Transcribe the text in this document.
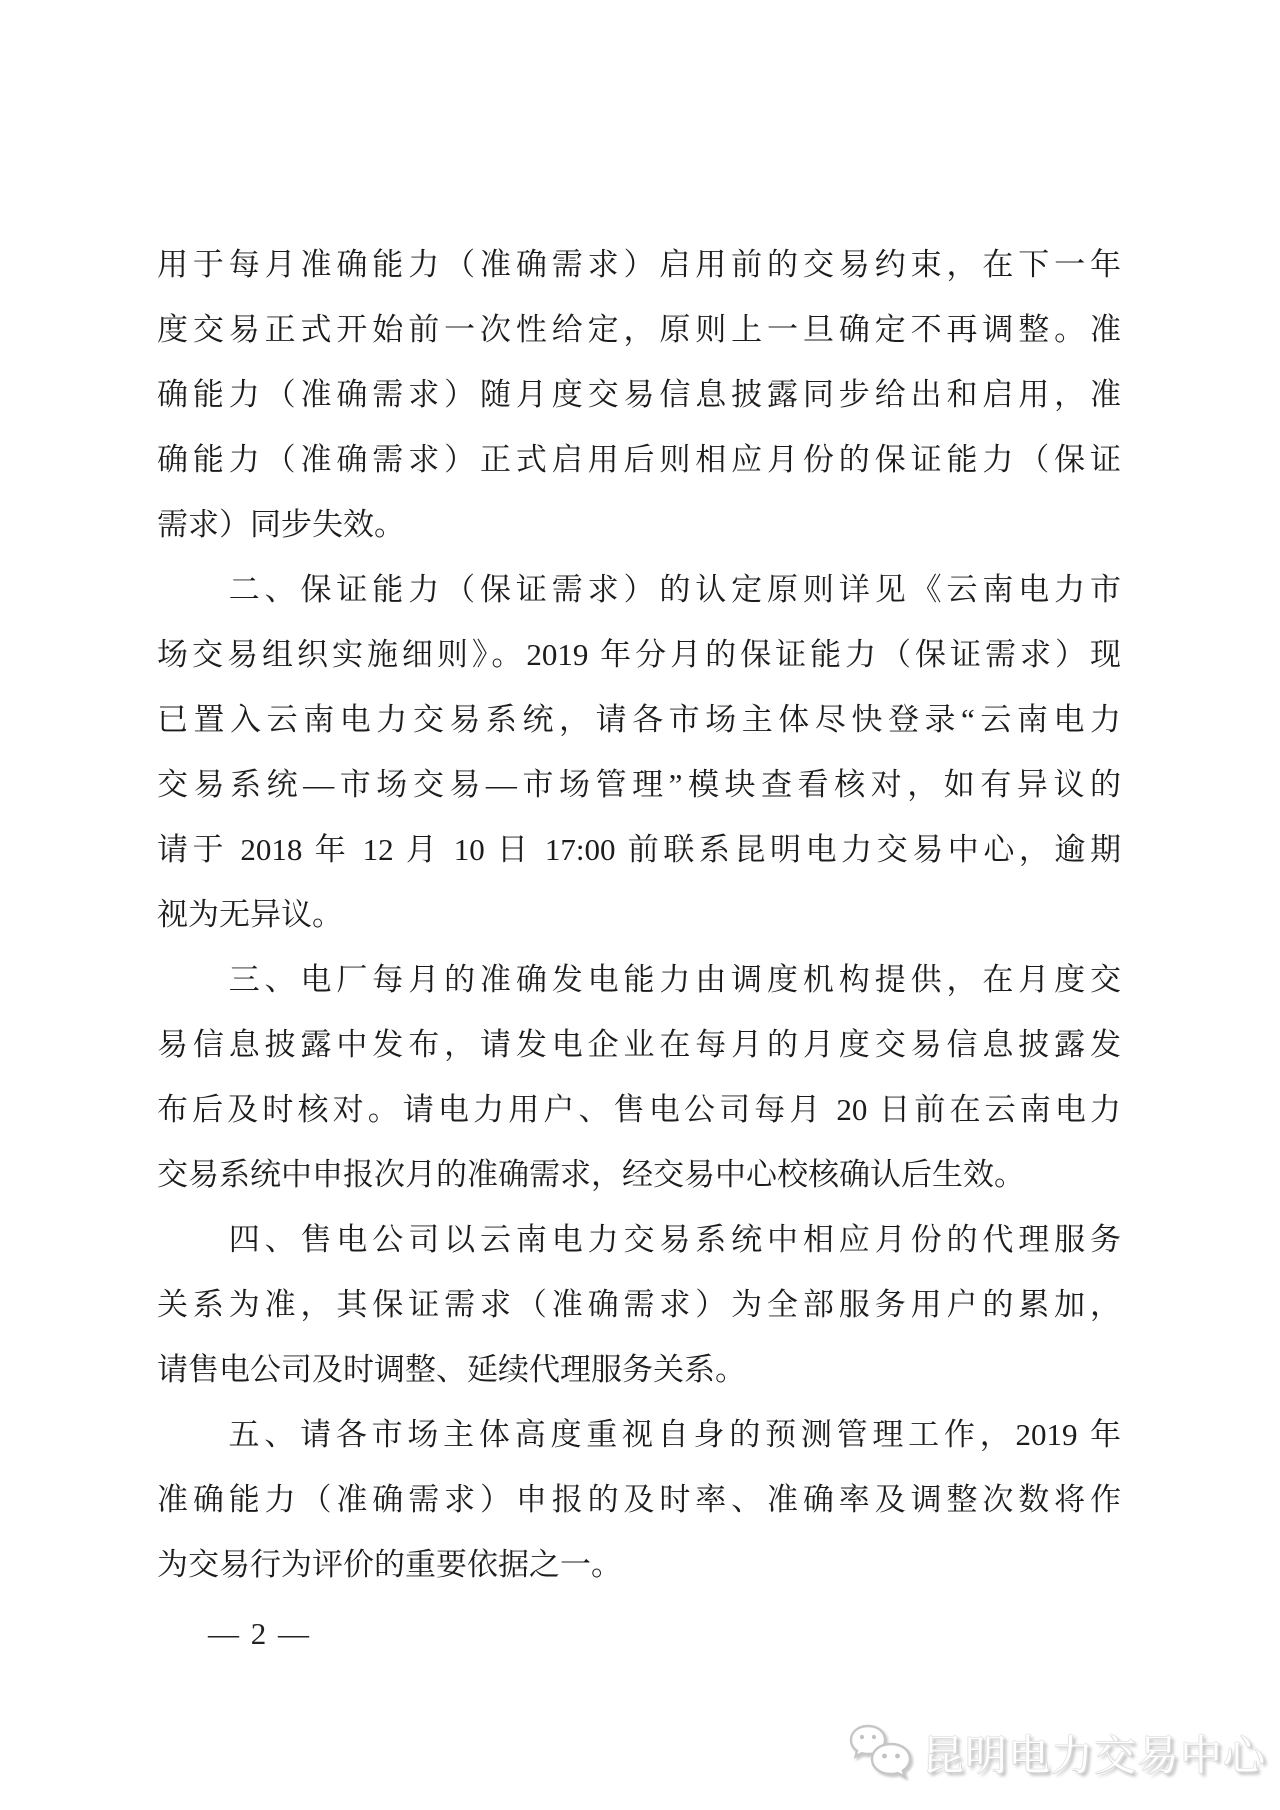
用于每月准确能力（准确需求）启用前的交易约束，在下一年
度交易正式开始前一次性给定，原则上一旦确定不再调整。准
确能力（准确需求）随月度交易信息披露同步给出和启用，准
确能力（准确需求）正式启用后则相应月份的保证能力（保证
需求）同步失效。
　　二、保证能力（保证需求）的认定原则详见《云南电力市
场交易组织实施细则》。2019 年分月的保证能力（保证需求）现
已置入云南电力交易系统，请各市场主体尽快登录“云南电力
交易系统—市场交易—市场管理”模块查看核对，如有异议的
请于 2018 年 12 月 10 日 17:00 前联系昆明电力交易中心，逾期
视为无异议。
　　三、电厂每月的准确发电能力由调度机构提供，在月度交
易信息披露中发布，请发电企业在每月的月度交易信息披露发
布后及时核对。请电力用户、售电公司每月 20 日前在云南电力
交易系统中申报次月的准确需求，经交易中心校核确认后生效。
　　四、售电公司以云南电力交易系统中相应月份的代理服务
关系为准，其保证需求（准确需求）为全部服务用户的累加，
请售电公司及时调整、延续代理服务关系。
　　五、请各市场主体高度重视自身的预测管理工作，2019 年
准确能力（准确需求）申报的及时率、准确率及调整次数将作
为交易行为评价的重要依据之一。
— 2 —
昆明电力交易中心
